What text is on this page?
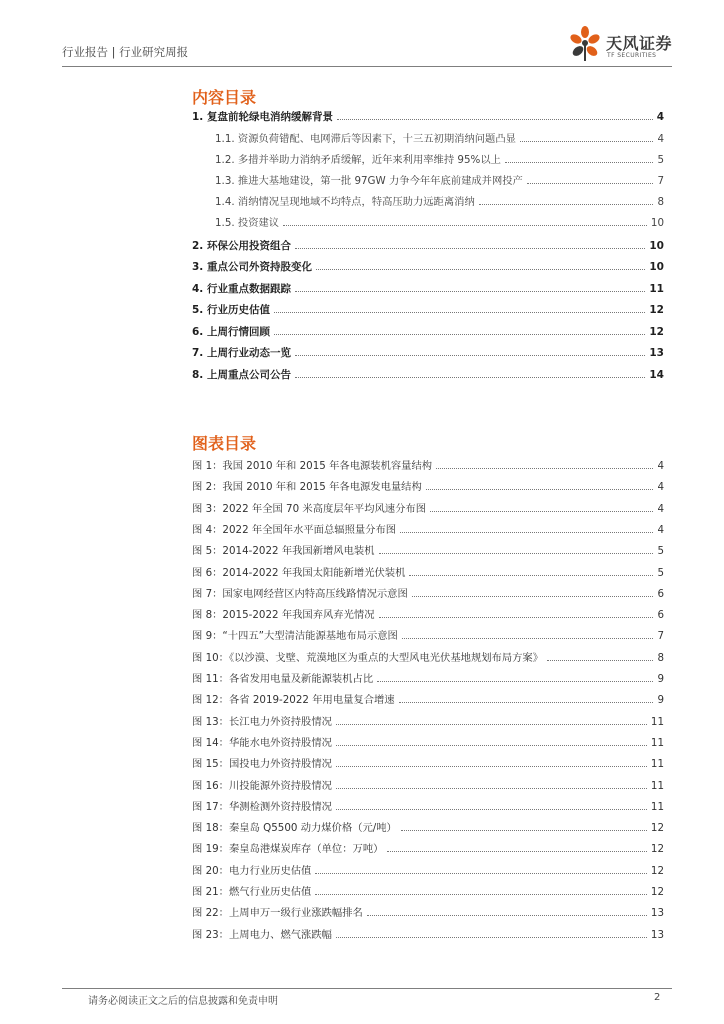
行业报告 | 行业研究周报	天风证券
TF SECURITIES
内容目录
1. 复盘前轮绿电消纳缓解背景	4
1.1. 资源负荷错配、电网滞后等因素下，十三五初期消纳问题凸显	4
1.2. 多措并举助力消纳矛盾缓解，近年来利用率维持 95%以上	5
1.3. 推进大基地建设，第一批 97GW 力争今年年底前建成并网投产	7
1.4. 消纳情况呈现地域不均特点，特高压助力远距离消纳	8
1.5. 投资建议	10
2. 环保公用投资组合	10
3. 重点公司外资持股变化	10
4. 行业重点数据跟踪	11
5. 行业历史估值	12
6. 上周行情回顾	12
7. 上周行业动态一览	13
8. 上周重点公司公告	14
图表目录
图 1：我国 2010 年和 2015 年各电源装机容量结构	4
图 2：我国 2010 年和 2015 年各电源发电量结构	4
图 3：2022 年全国 70 米高度层年平均风速分布图	4
图 4：2022 年全国年水平面总辐照量分布图	4
图 5：2014-2022 年我国新增风电装机	5
图 6：2014-2022 年我国太阳能新增光伏装机	5
图 7：国家电网经营区内特高压线路情况示意图	6
图 8：2015-2022 年我国弃风弃光情况	6
图 9：“十四五”大型清洁能源基地布局示意图	7
图 10：《以沙漠、戈壁、荒漠地区为重点的大型风电光伏基地规划布局方案》	8
图 11：各省发用电量及新能源装机占比	9
图 12：各省 2019-2022 年用电量复合增速	9
图 13：长江电力外资持股情况	11
图 14：华能水电外资持股情况	11
图 15：国投电力外资持股情况	11
图 16：川投能源外资持股情况	11
图 17：华测检测外资持股情况	11
图 18：秦皇岛 Q5500 动力煤价格（元/吨）	12
图 19：秦皇岛港煤炭库存（单位：万吨）	12
图 20：电力行业历史估值	12
图 21：燃气行业历史估值	12
图 22：上周申万一级行业涨跌幅排名	13
图 23：上周电力、燃气涨跌幅	13
请务必阅读正文之后的信息披露和免责申明	2
